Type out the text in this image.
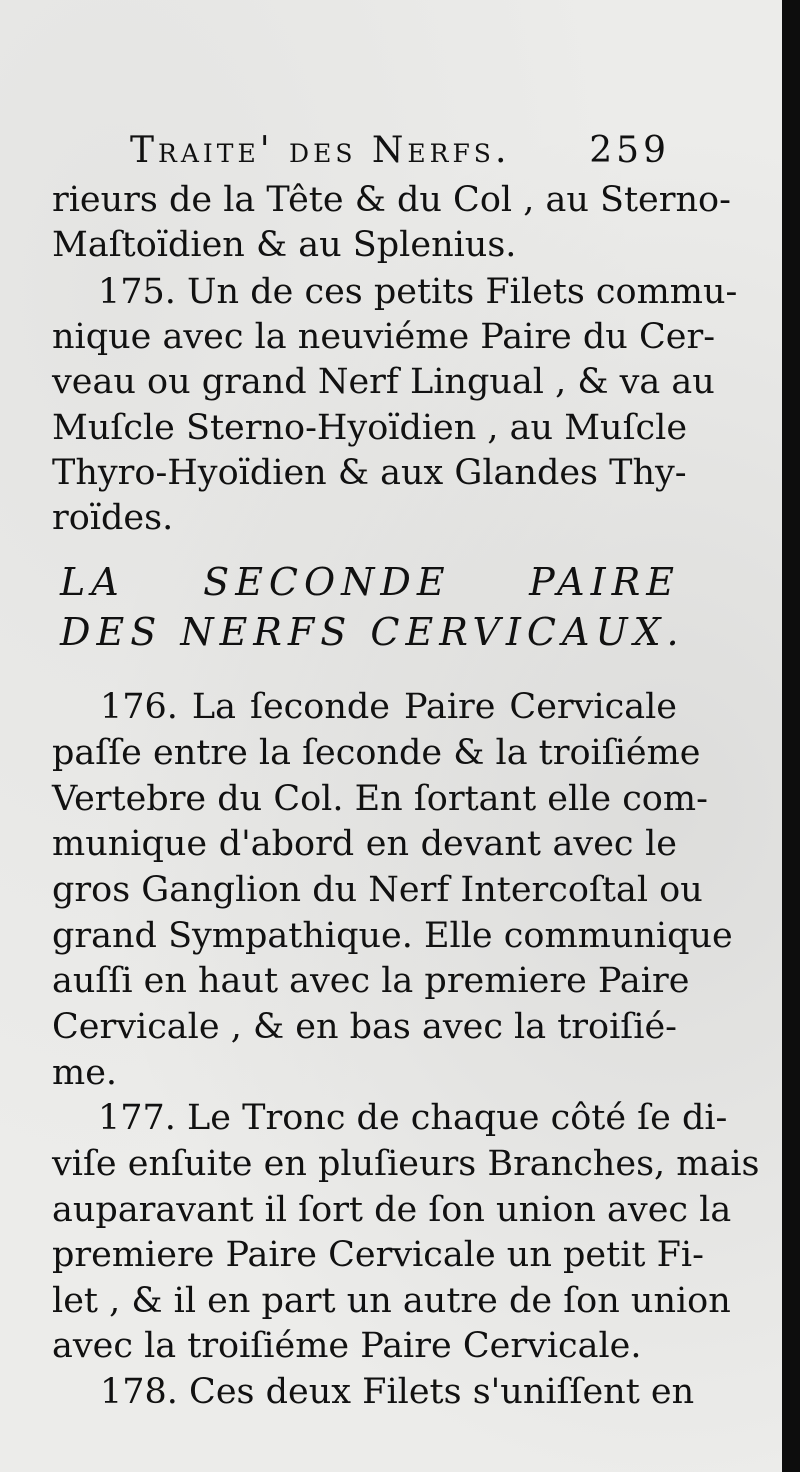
Traite' des Nerfs. 259
rieurs de la Tête & du Col , au Sterno-
Maſtoïdien & au Splenius.
175. Un de ces petits Filets commu-
nique avec la neuviéme Paire du Cer-
veau ou grand Nerf Lingual , & va au
Muſcle Sterno-Hyoïdien , au Muſcle
Thyro-Hyoïdien & aux Glandes Thy-
roïdes.
LA SECONDE PAIRE
DES NERFS CERVICAUX.
176. La ſeconde Paire Cervicale
paſſe entre la ſeconde & la troiſiéme
Vertebre du Col. En ſortant elle com-
munique d'abord en devant avec le
gros Ganglion du Nerf Intercoſtal ou
grand Sympathique. Elle communique
auſſi en haut avec la premiere Paire
Cervicale , & en bas avec la troiſié-
me.
177. Le Tronc de chaque côté ſe di-
viſe enſuite en pluſieurs Branches, mais
auparavant il ſort de ſon union avec la
premiere Paire Cervicale un petit Fi-
let , & il en part un autre de ſon union
avec la troiſiéme Paire Cervicale.
178. Ces deux Filets s'uniſſent en
